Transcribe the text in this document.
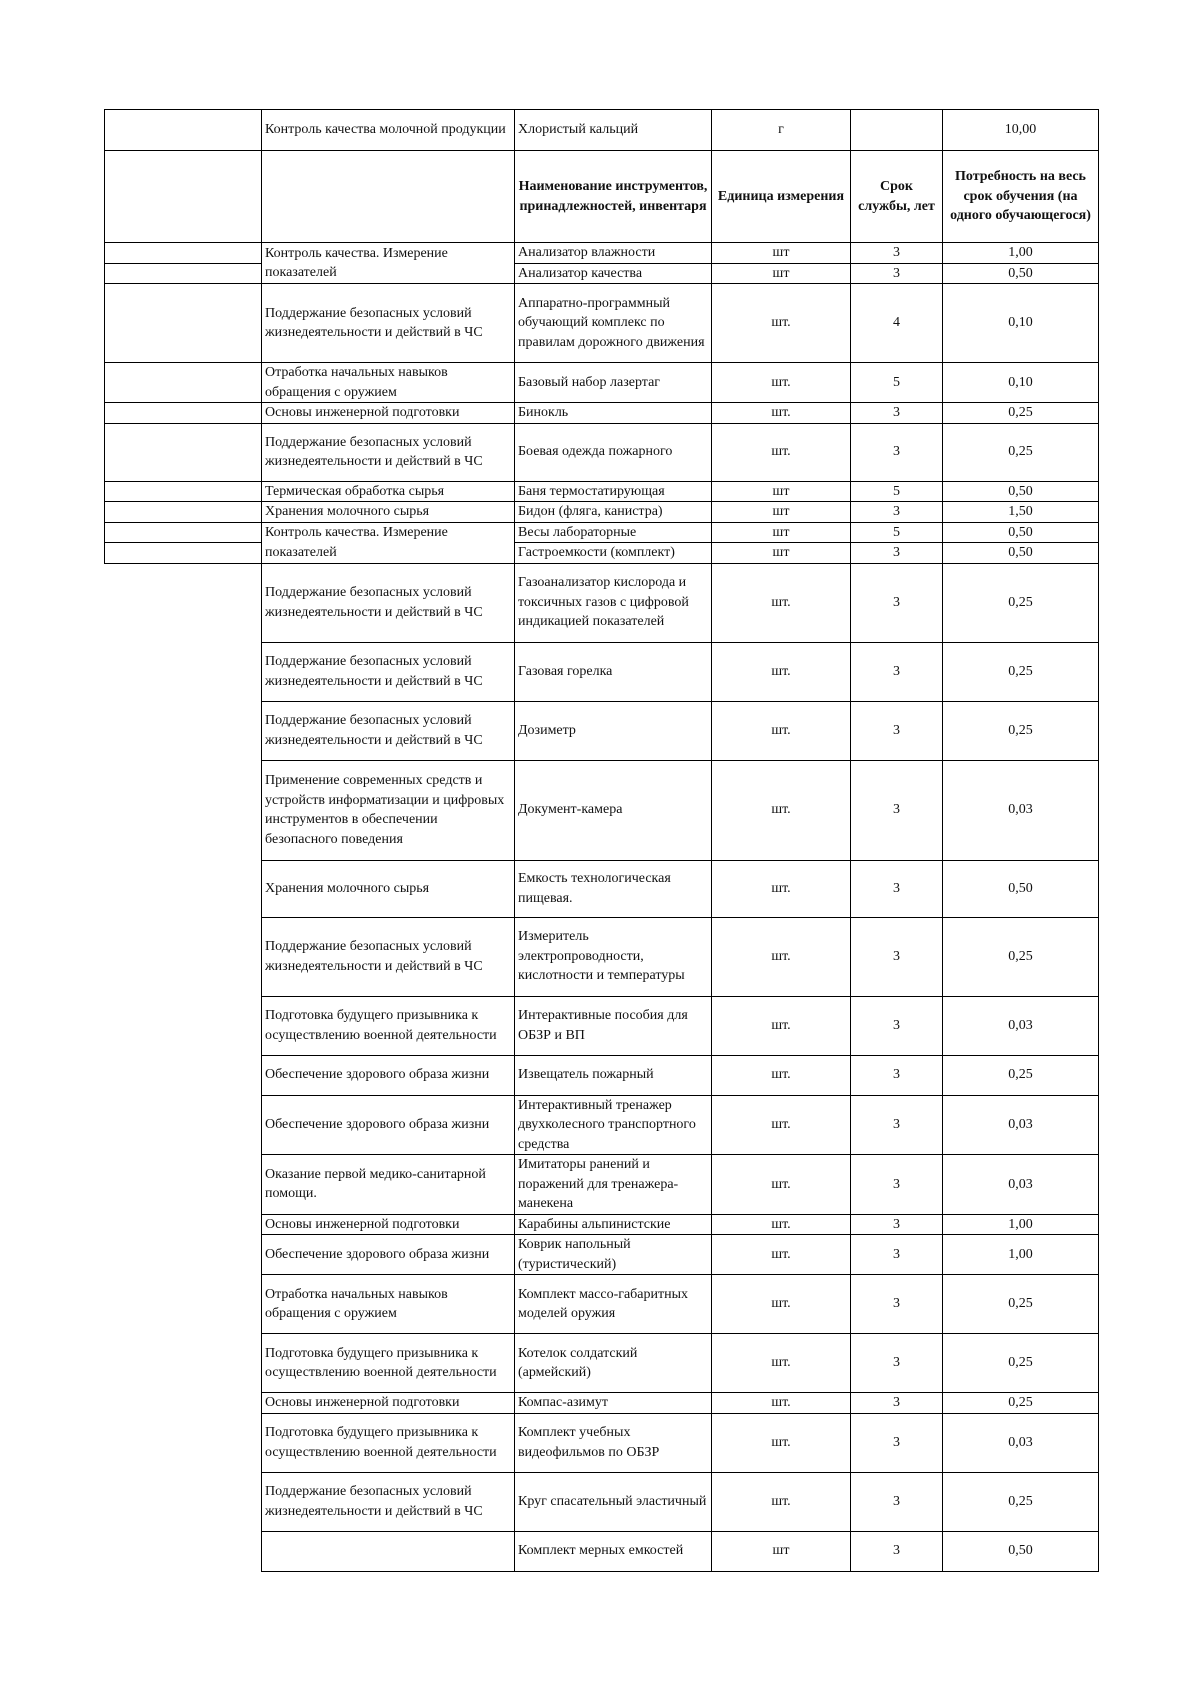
	Контроль качества молочной продукции	Хлористый кальций	г		10,00
		Наименование инструментов, принадлежностей, инвентаря	Единица измерения	Срок службы, лет	Потребность на весь срок обучения (на одного обучающегося)
	Контроль качества. Измерение показателей	Анализатор влажности	шт	3	1,00
		Анализатор качества	шт	3	0,50
	Поддержание безопасных условий жизнедеятельности и действий в ЧС	Аппаратно-программный обучающий комплекс по правилам дорожного движения	шт.	4	0,10
	Отработка начальных навыков обращения с оружием	Базовый набор лазертаг	шт.	5	0,10
	Основы инженерной подготовки	Бинокль	шт.	3	0,25
	Поддержание безопасных условий жизнедеятельности и действий в ЧС	Боевая одежда пожарного	шт.	3	0,25
	Термическая обработка сырья	Баня термостатирующая	шт	5	0,50
	Хранения молочного сырья	Бидон (фляга, канистра)	шт	3	1,50
	Контроль качества. Измерение показателей	Весы лабораторные	шт	5	0,50
		Гастроемкости (комплект)	шт	3	0,50
	Поддержание безопасных условий жизнедеятельности и действий в ЧС	Газоанализатор кислорода и токсичных газов с цифровой индикацией показателей	шт.	3	0,25
	Поддержание безопасных условий жизнедеятельности и действий в ЧС	Газовая горелка	шт.	3	0,25
	Поддержание безопасных условий жизнедеятельности и действий в ЧС	Дозиметр	шт.	3	0,25
	Применение современных средств и устройств информатизации и цифровых инструментов в обеспечении безопасного поведения	Документ-камера	шт.	3	0,03
	Хранения молочного сырья	Емкость технологическая пищевая.	шт.	3	0,50
	Поддержание безопасных условий жизнедеятельности и действий в ЧС	Измеритель электропроводности, кислотности и температуры	шт.	3	0,25
	Подготовка будущего призывника к осуществлению военной деятельности	Интерактивные пособия для ОБЗР и ВП	шт.	3	0,03
	Обеспечение здорового образа жизни	Извещатель пожарный	шт.	3	0,25
	Обеспечение здорового образа жизни	Интерактивный тренажер двухколесного транспортного средства	шт.	3	0,03
	Оказание первой медико-санитарной помощи.	Имитаторы ранений и поражений для тренажера-манекена	шт.	3	0,03
	Основы инженерной подготовки	Карабины альпинистские	шт.	3	1,00
	Обеспечение здорового образа жизни	Коврик напольный (туристический)	шт.	3	1,00
	Отработка начальных навыков обращения с оружием	Комплект массо-габаритных моделей оружия	шт.	3	0,25
	Подготовка будущего призывника к осуществлению военной деятельности	Котелок солдатский (армейский)	шт.	3	0,25
	Основы инженерной подготовки	Компас-азимут	шт.	3	0,25
	Подготовка будущего призывника к осуществлению военной деятельности	Комплект учебных видеофильмов по ОБЗР	шт.	3	0,03
	Поддержание безопасных условий жизнедеятельности и действий в ЧС	Круг спасательный эластичный	шт.	3	0,25
		Комплект мерных емкостей	шт	3	0,50
